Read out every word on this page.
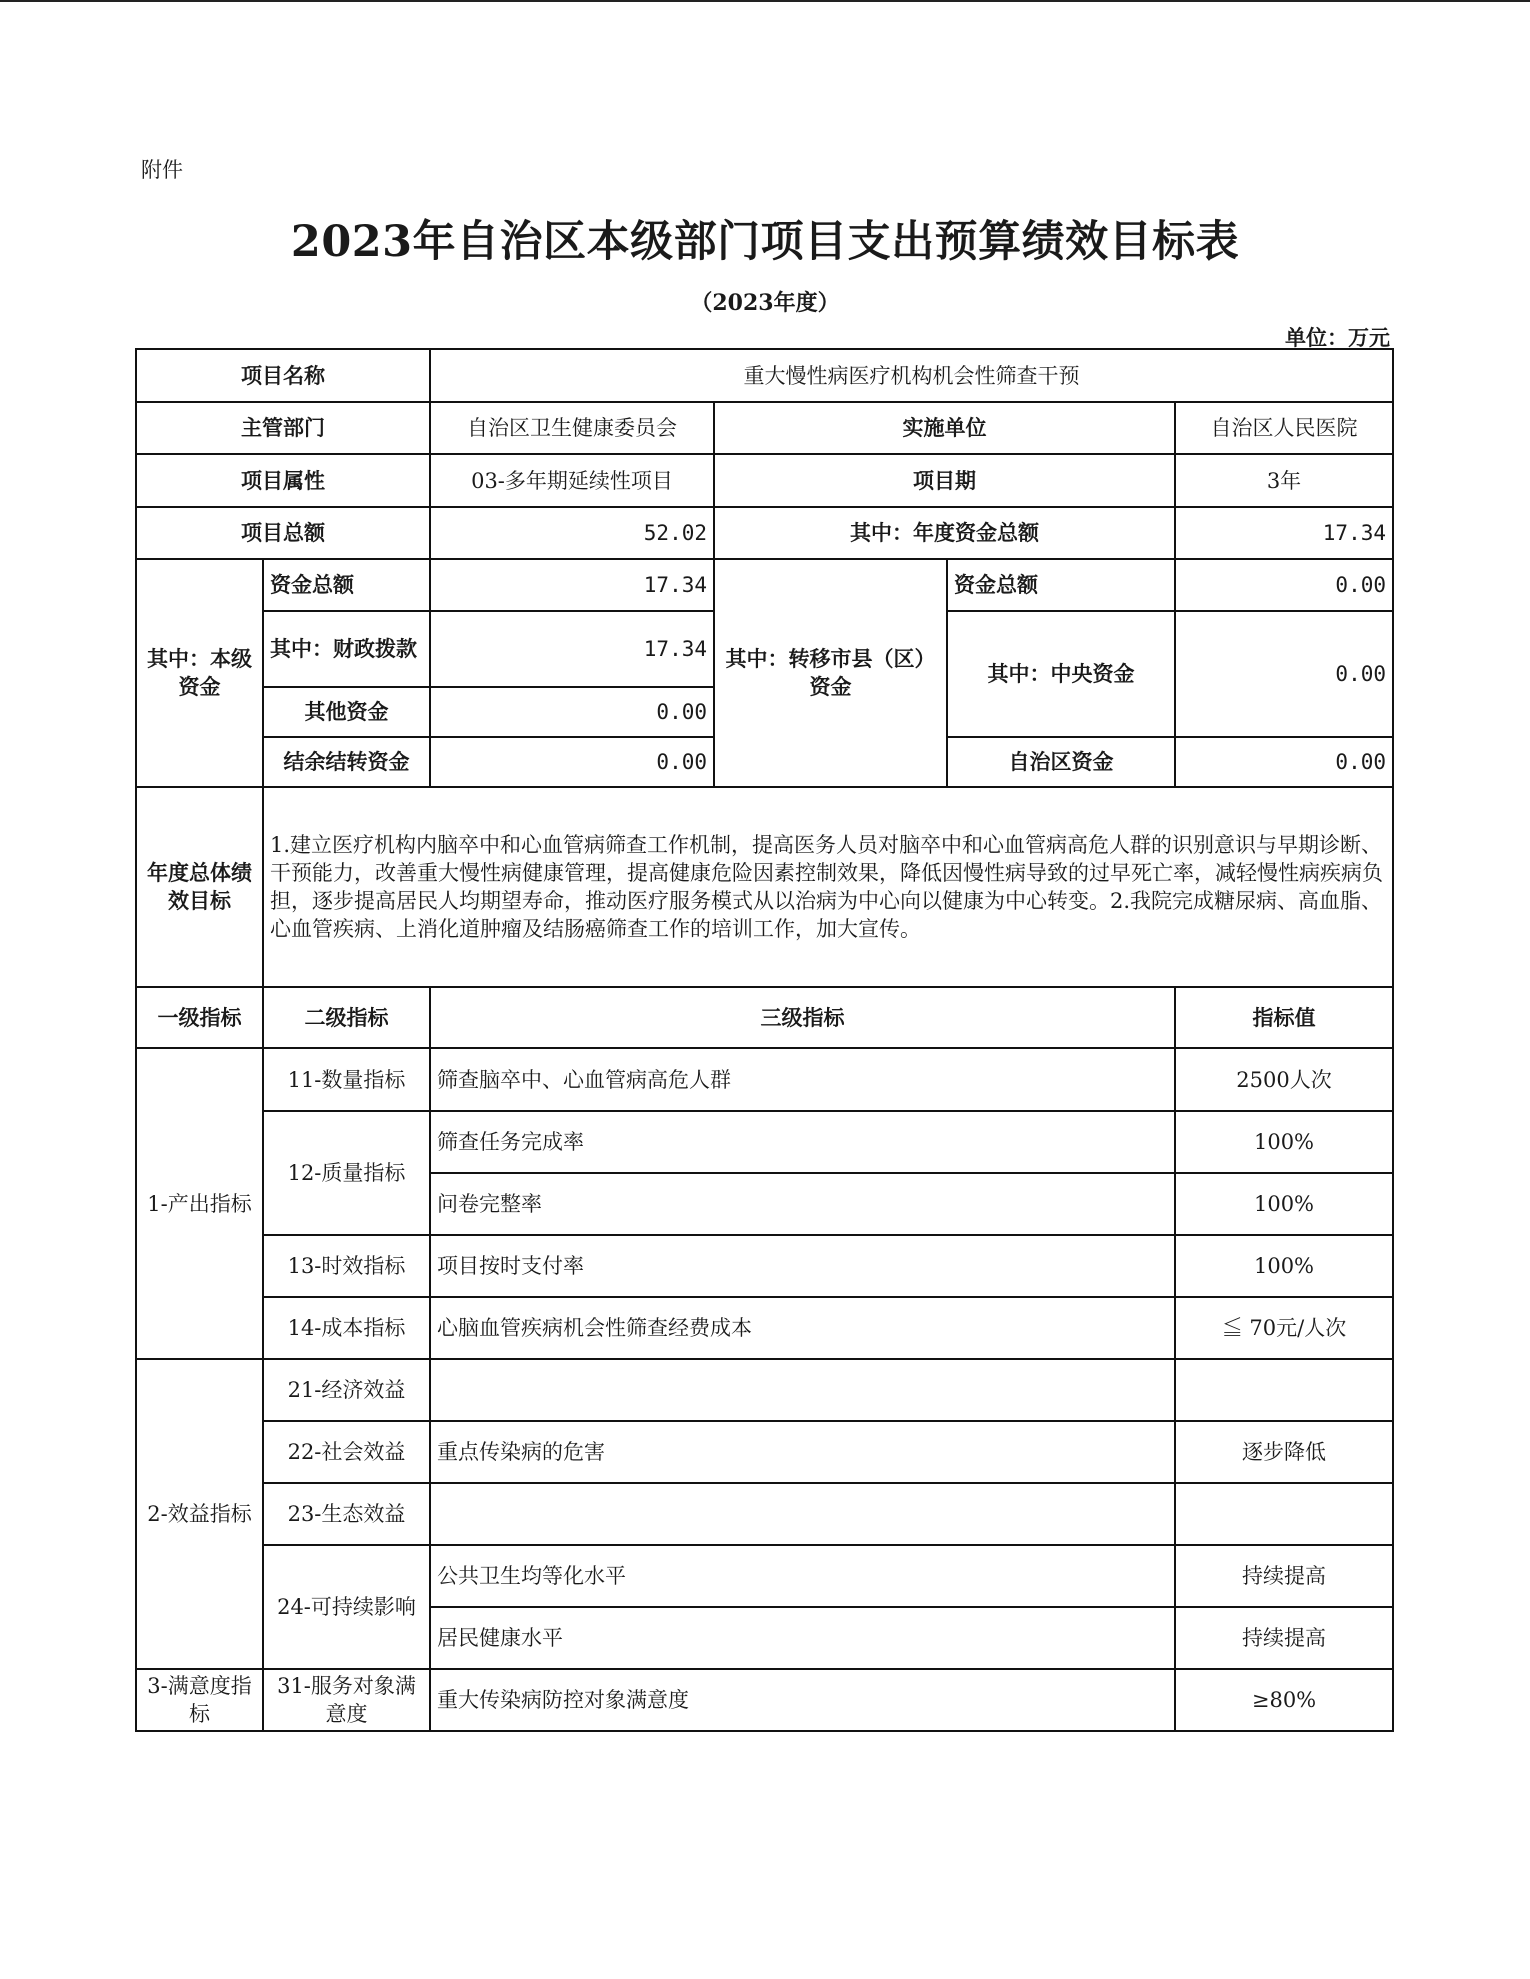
附件
2023年自治区本级部门项目支出预算绩效目标表
（2023年度）
单位：万元
项目名称		重大慢性病医疗机构机会性筛查干预			
主管部门		自治区卫生健康委员会	实施单位		自治区人民医院
项目属性		03-多年期延续性项目	项目期		3年
项目总额		52.02	其中：年度资金总额		17.34
其中：本级资金	资金总额	17.34	其中：转移市县（区）资金	资金总额	0.00
	其中：财政拨款	17.34		其中：中央资金	0.00
	其他资金	0.00			
	结余结转资金	0.00		自治区资金	0.00
年度总体绩效目标	1.建立医疗机构内脑卒中和心血管病筛查工作机制，提高医务人员对脑卒中和心血管病高危人群的识别意识与早期诊断、干预能力，改善重大慢性病健康管理，提高健康危险因素控制效果，降低因慢性病导致的过早死亡率，减轻慢性病疾病负担，逐步提高居民人均期望寿命，推动医疗服务模式从以治病为中心向以健康为中心转变。2.我院完成糖尿病、高血脂、心血管疾病、上消化道肿瘤及结肠癌筛查工作的培训工作，加大宣传。				
一级指标	二级指标	三级指标			指标值
1-产出指标	11-数量指标	筛查脑卒中、心血管病高危人群			2500人次
	12-质量指标	筛查任务完成率			100%
		问卷完整率			100%
	13-时效指标	项目按时支付率			100%
	14-成本指标	心脑血管疾病机会性筛查经费成本			≦ 70元/人次
2-效益指标	21-经济效益				
	22-社会效益	重点传染病的危害			逐步降低
	23-生态效益				
	24-可持续影响	公共卫生均等化水平			持续提高
		居民健康水平			持续提高
3-满意度指标	31-服务对象满意度	重大传染病防控对象满意度			≥80%
